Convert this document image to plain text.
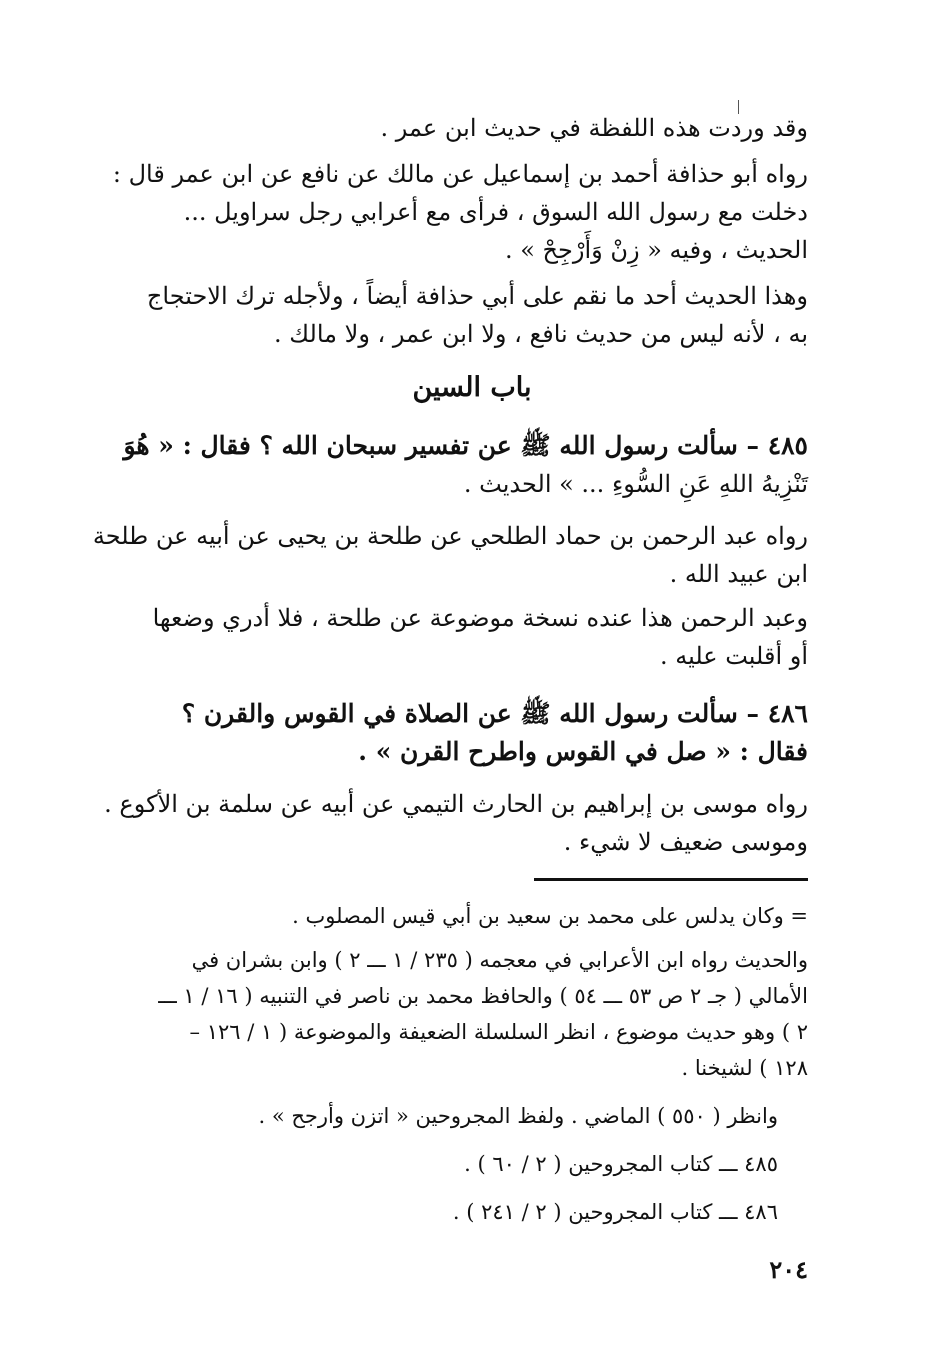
وقد وردت هذه اللفظة في حديث ابن عمر .
رواه أبو حذافة أحمد بن إسماعيل عن مالك عن نافع عن ابن عمر قال :
دخلت مع رسول الله السوق ، فرأى مع أعرابي رجل سراويل ...
الحديث ، وفيه « زِنْ وَأَرْجِحْ » .
وهذا الحديث أحد ما نقم على أبي حذافة أيضاً ، ولأجله ترك الاحتجاج
به ، لأنه ليس من حديث نافع ، ولا ابن عمر ، ولا مالك .
باب السين
٤٨٥ – سألت رسول الله ﷺ عن تفسير سبحان الله ؟ فقال : « هُوَ
تَنْزِيهُ اللهِ عَنِ السُّوءِ ... » الحديث .
رواه عبد الرحمن بن حماد الطلحي عن طلحة بن يحيى عن أبيه عن طلحة
ابن عبيد الله .
وعبد الرحمن هذا عنده نسخة موضوعة عن طلحة ، فلا أدري وضعها
أو أقلبت عليه .
٤٨٦ – سألت رسول الله ﷺ عن الصلاة في القوس والقرن ؟
فقال : « صل في القوس واطرح القرن » .
رواه موسى بن إبراهيم بن الحارث التيمي عن أبيه عن سلمة بن الأكوع .
وموسى ضعيف لا شيء .
= وكان يدلس على محمد بن سعيد بن أبي قيس المصلوب .
والحديث رواه ابن الأعرابي في معجمه ( ٢٣٥ / ١ ـــ ٢ ) وابن بشران في
الأمالي ( جـ ٢ ص ٥٣ ـــ ٥٤ ) والحافظ محمد بن ناصر في التنبيه ( ١٦ / ١ ـــ
٢ ) وهو حديث موضوع ، انظر السلسلة الضعيفة والموضوعة ( ١ / ١٢٦ –
١٢٨ ) لشيخنا .
وانظر ( ٥٥٠ ) الماضي . ولفظ المجروحين « اتزن وأرجح » .
٤٨٥ ـــ كتاب المجروحين ( ٢ / ٦٠ ) .
٤٨٦ ـــ كتاب المجروحين ( ٢ / ٢٤١ ) .
٢٠٤
